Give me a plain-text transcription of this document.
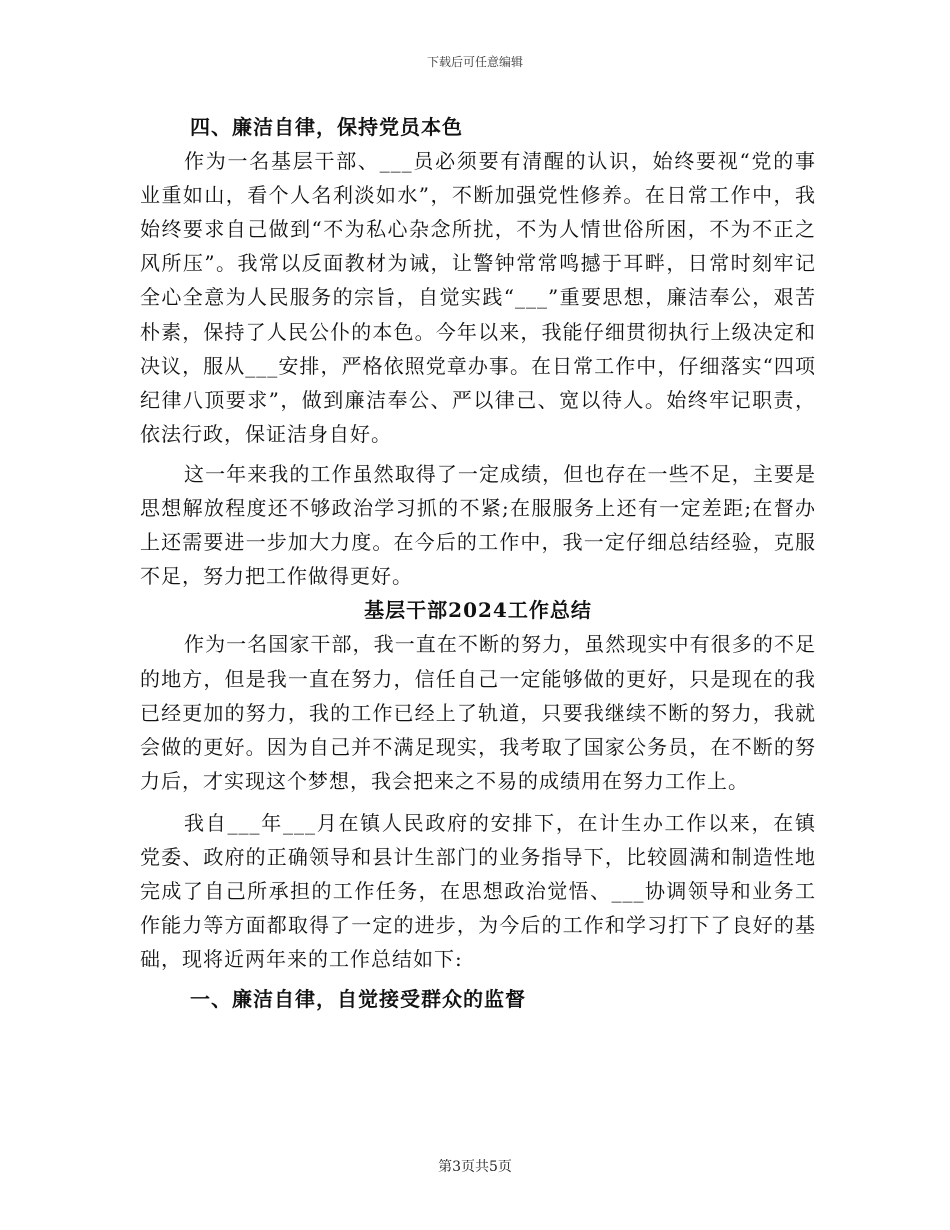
下载后可任意编辑

四、廉洁自律，保持党员本色

作为一名基层干部、___员必须要有清醒的认识，始终要视“党的事业重如山，看个人名利淡如水”，不断加强党性修养。在日常工作中，我始终要求自己做到“不为私心杂念所扰，不为人情世俗所困，不为不正之风所压”。我常以反面教材为诫，让警钟常常鸣撼于耳畔，日常时刻牢记全心全意为人民服务的宗旨，自觉实践“___”重要思想，廉洁奉公，艰苦朴素，保持了人民公仆的本色。今年以来，我能仔细贯彻执行上级决定和决议，服从___安排，严格依照党章办事。在日常工作中，仔细落实“四项纪律八顶要求”，做到廉洁奉公、严以律己、宽以待人。始终牢记职责，依法行政，保证洁身自好。

这一年来我的工作虽然取得了一定成绩，但也存在一些不足，主要是思想解放程度还不够政治学习抓的不紧;在服服务上还有一定差距;在督办上还需要进一步加大力度。在今后的工作中，我一定仔细总结经验，克服不足，努力把工作做得更好。

基层干部2024工作总结

作为一名国家干部，我一直在不断的努力，虽然现实中有很多的不足的地方，但是我一直在努力，信任自己一定能够做的更好，只是现在的我已经更加的努力，我的工作已经上了轨道，只要我继续不断的努力，我就会做的更好。因为自己并不满足现实，我考取了国家公务员，在不断的努力后，才实现这个梦想，我会把来之不易的成绩用在努力工作上。

我自___年___月在镇人民政府的安排下，在计生办工作以来，在镇党委、政府的正确领导和县计生部门的业务指导下，比较圆满和制造性地完成了自己所承担的工作任务，在思想政治觉悟、___协调领导和业务工作能力等方面都取得了一定的进步，为今后的工作和学习打下了良好的基础，现将近两年来的工作总结如下:

一、廉洁自律，自觉接受群众的监督

第3页共5页
